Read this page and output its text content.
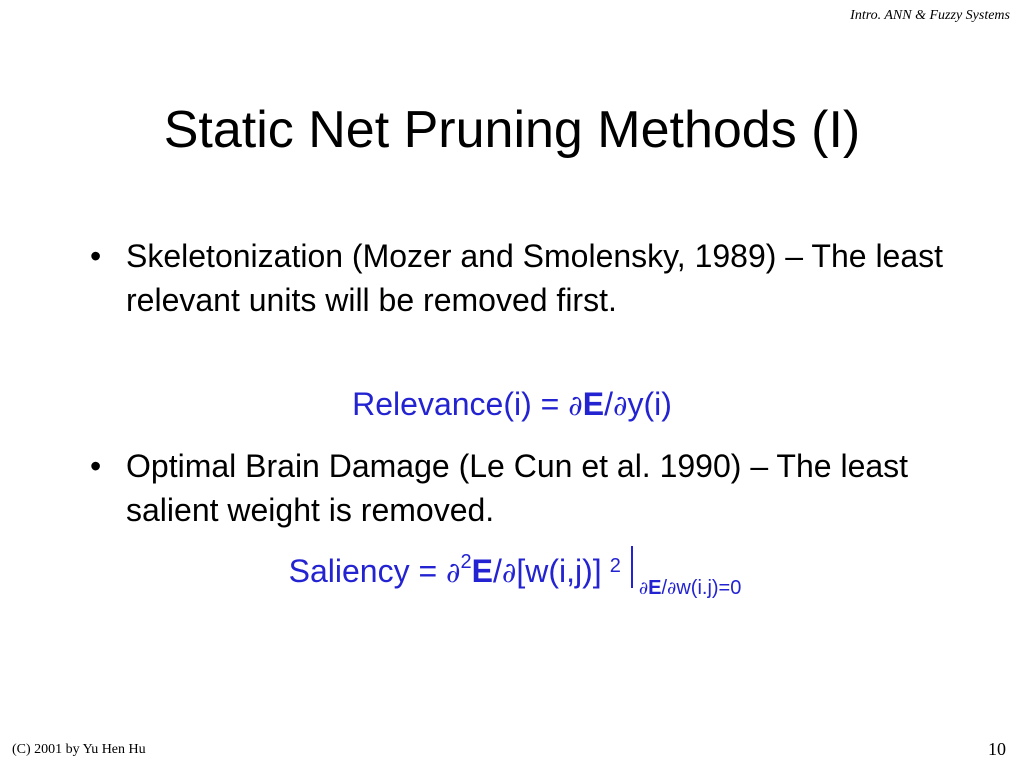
Intro. ANN & Fuzzy Systems
Static Net Pruning Methods (I)
• Skeletonization (Mozer and Smolensky, 1989) – The least relevant units will be removed first.
Relevance(i) = ∂E/∂y(i)
• Optimal Brain Damage (Le Cun et al. 1990) – The least salient weight is removed.
Saliency = ∂$^2$E/∂[w(i,j)] $^2_{\partial E/\partial w(i.j)=0}$
(C) 2001 by Yu Hen Hu	10
